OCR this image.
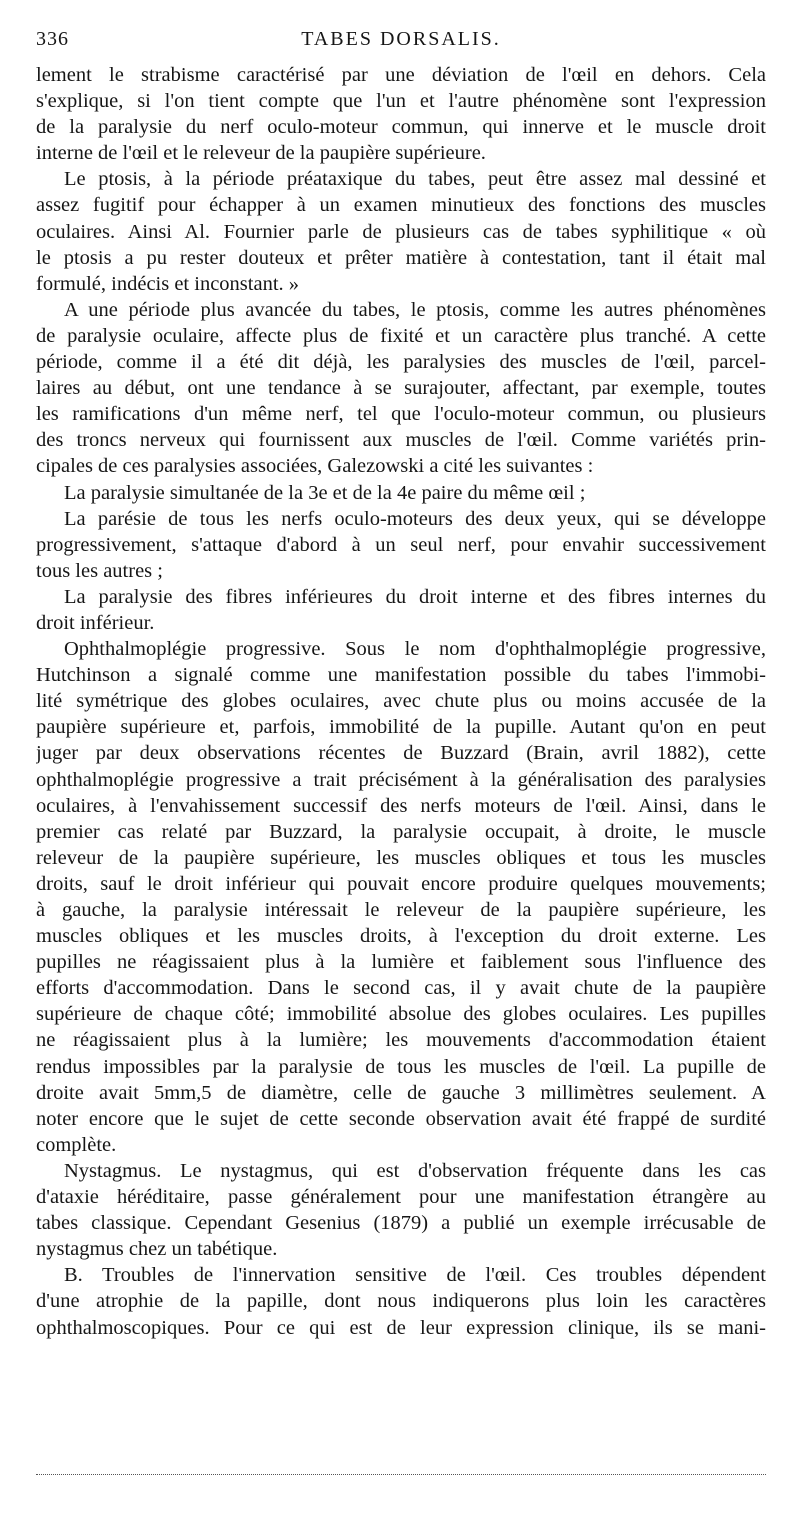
336	TABES DORSALIS.
lement le strabisme caractérisé par une déviation de l'œil en dehors. Cela
s'explique, si l'on tient compte que l'un et l'autre phénomène sont l'expression
de la paralysie du nerf oculo-moteur commun, qui innerve et le muscle droit
interne de l'œil et le releveur de la paupière supérieure.
Le ptosis, à la période préataxique du tabes, peut être assez mal dessiné et
assez fugitif pour échapper à un examen minutieux des fonctions des muscles
oculaires. Ainsi Al. Fournier parle de plusieurs cas de tabes syphilitique « où
le ptosis a pu rester douteux et prêter matière à contestation, tant il était mal
formulé, indécis et inconstant. »
A une période plus avancée du tabes, le ptosis, comme les autres phénomènes
de paralysie oculaire, affecte plus de fixité et un caractère plus tranché. A cette
période, comme il a été dit déjà, les paralysies des muscles de l'œil, parcel-
laires au début, ont une tendance à se surajouter, affectant, par exemple, toutes
les ramifications d'un même nerf, tel que l'oculo-moteur commun, ou plusieurs
des troncs nerveux qui fournissent aux muscles de l'œil. Comme variétés prin-
cipales de ces paralysies associées, Galezowski a cité les suivantes :
La paralysie simultanée de la 3e et de la 4e paire du même œil ;
La parésie de tous les nerfs oculo-moteurs des deux yeux, qui se développe
progressivement, s'attaque d'abord à un seul nerf, pour envahir successivement
tous les autres ;
La paralysie des fibres inférieures du droit interne et des fibres internes du
droit inférieur.
Ophthalmoplégie progressive. Sous le nom d'ophthalmoplégie progressive,
Hutchinson a signalé comme une manifestation possible du tabes l'immobi-
lité symétrique des globes oculaires, avec chute plus ou moins accusée de la
paupière supérieure et, parfois, immobilité de la pupille. Autant qu'on en peut
juger par deux observations récentes de Buzzard (Brain, avril 1882), cette
ophthalmoplégie progressive a trait précisément à la généralisation des paralysies
oculaires, à l'envahissement successif des nerfs moteurs de l'œil. Ainsi, dans le
premier cas relaté par Buzzard, la paralysie occupait, à droite, le muscle
releveur de la paupière supérieure, les muscles obliques et tous les muscles
droits, sauf le droit inférieur qui pouvait encore produire quelques mouvements;
à gauche, la paralysie intéressait le releveur de la paupière supérieure, les
muscles obliques et les muscles droits, à l'exception du droit externe. Les
pupilles ne réagissaient plus à la lumière et faiblement sous l'influence des
efforts d'accommodation. Dans le second cas, il y avait chute de la paupière
supérieure de chaque côté; immobilité absolue des globes oculaires. Les pupilles
ne réagissaient plus à la lumière; les mouvements d'accommodation étaient
rendus impossibles par la paralysie de tous les muscles de l'œil. La pupille de
droite avait 5mm,5 de diamètre, celle de gauche 3 millimètres seulement. A
noter encore que le sujet de cette seconde observation avait été frappé de surdité
complète.
Nystagmus. Le nystagmus, qui est d'observation fréquente dans les cas
d'ataxie héréditaire, passe généralement pour une manifestation étrangère au
tabes classique. Cependant Gesenius (1879) a publié un exemple irrécusable de
nystagmus chez un tabétique.
B. Troubles de l'innervation sensitive de l'œil. Ces troubles dépendent
d'une atrophie de la papille, dont nous indiquerons plus loin les caractères
ophthalmoscopiques. Pour ce qui est de leur expression clinique, ils se mani-
